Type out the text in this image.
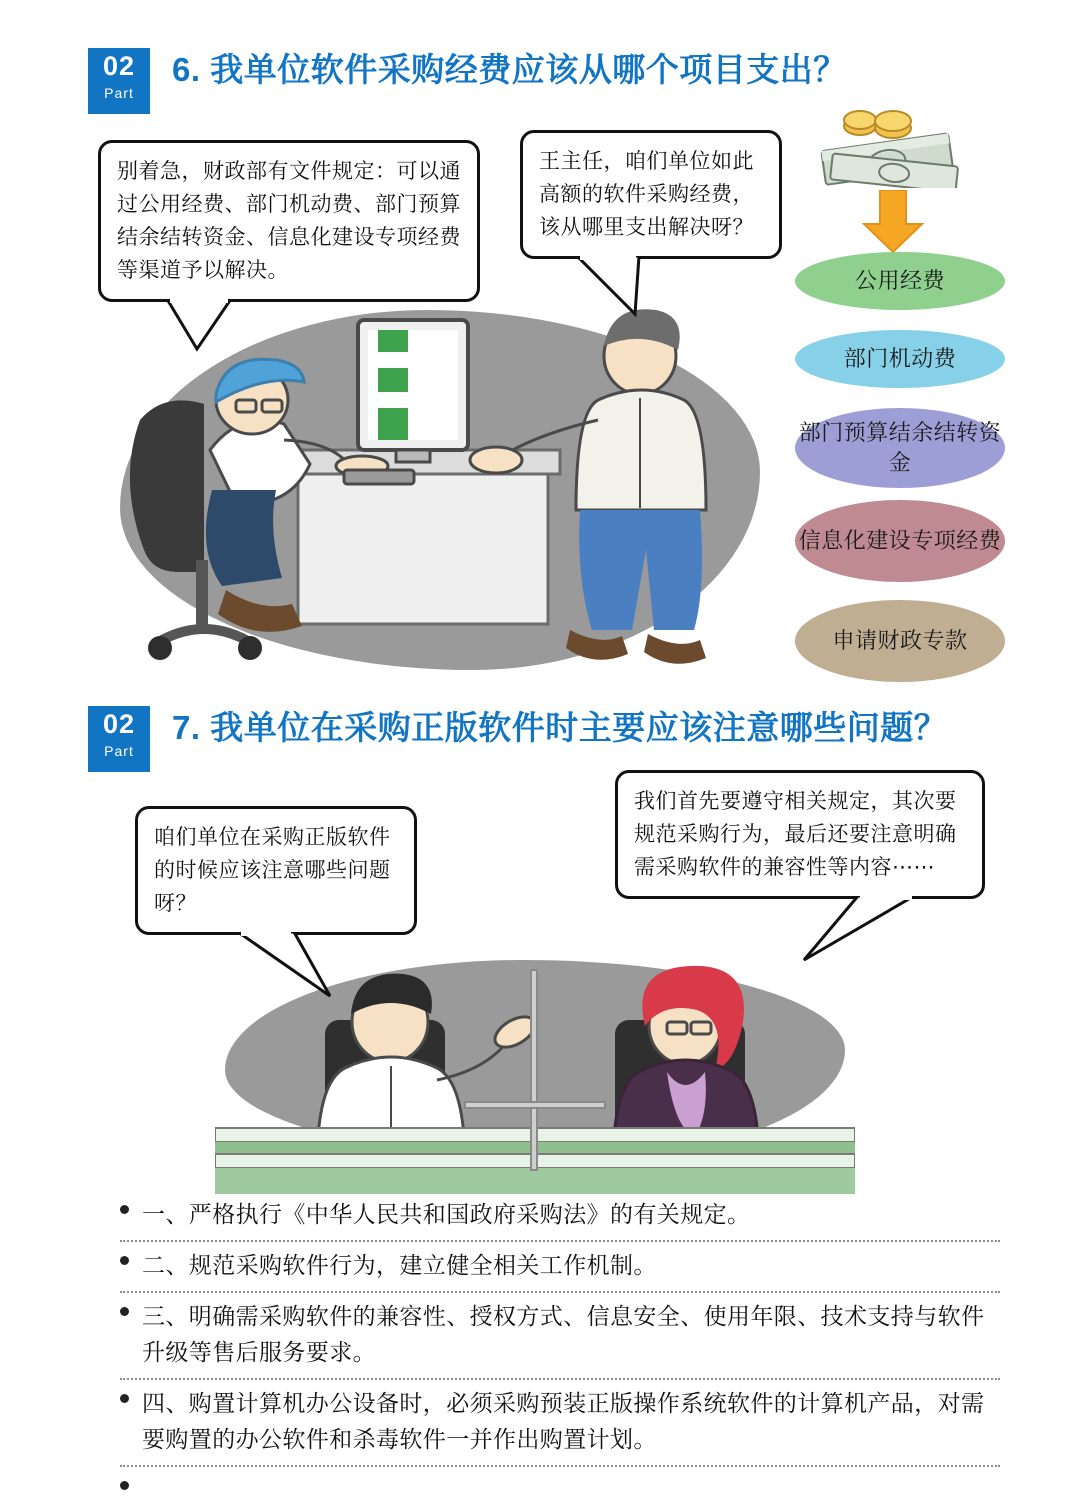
02
Part
6. 我单位软件采购经费应该从哪个项目支出？
别着急，财政部有文件规定：可以通过公用经费、部门机动费、部门预算结余结转资金、信息化建设专项经费等渠道予以解决。
王主任，咱们单位如此高额的软件采购经费，该从哪里支出解决呀？
公用经费
部门机动费
部门预算结余结转资金
信息化建设专项经费
申请财政专款
02
Part
7. 我单位在采购正版软件时主要应该注意哪些问题？
咱们单位在采购正版软件的时候应该注意哪些问题呀？
我们首先要遵守相关规定，其次要规范采购行为，最后还要注意明确需采购软件的兼容性等内容⋯⋯
一、严格执行《中华人民共和国政府采购法》的有关规定。
二、规范采购软件行为，建立健全相关工作机制。
三、明确需采购软件的兼容性、授权方式、信息安全、使用年限、技术支持与软件升级等售后服务要求。
四、购置计算机办公设备时，必须采购预装正版操作系统软件的计算机产品，对需要购置的办公软件和杀毒软件一并作出购置计划。
